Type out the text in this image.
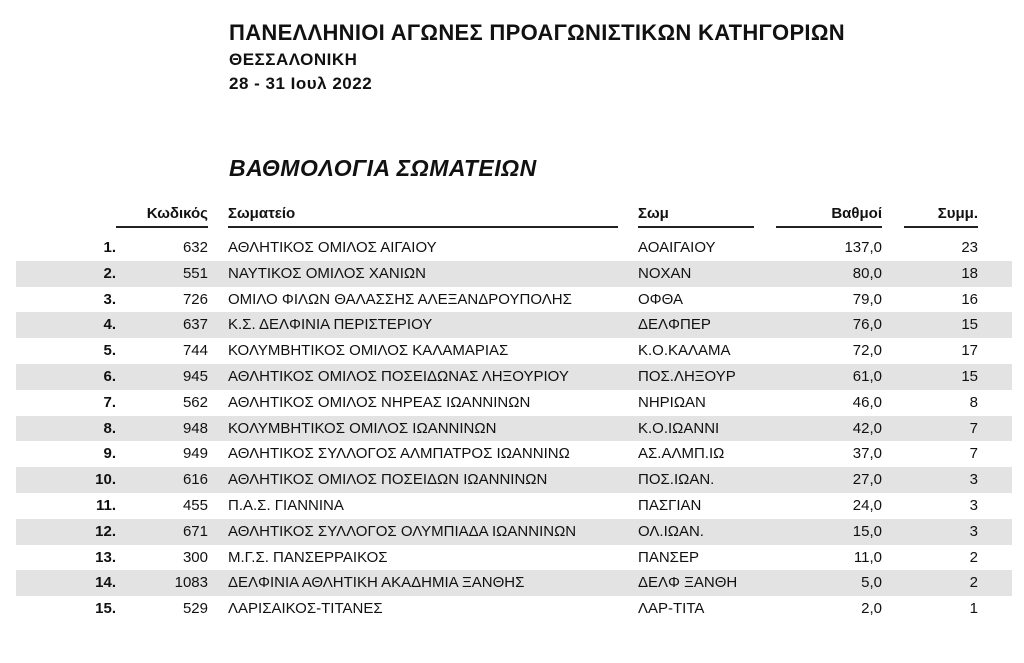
ΠΑΝΕΛΛΗΝΙΟΙ ΑΓΩΝΕΣ ΠΡΟΑΓΩΝΙΣΤΙΚΩΝ ΚΑΤΗΓΟΡΙΩΝ
ΘΕΣΣΑΛΟΝΙΚΗ
28 - 31 Ιουλ 2022
ΒΑΘΜΟΛΟΓΙΑ ΣΩΜΑΤΕΙΩΝ
Κωδικός Σωματείο	Σωμ	Βαθμοί	Συμμ.
1.	632 ΑΘΛΗΤΙΚΟΣ ΟΜΙΛΟΣ ΑΙΓΑΙΟΥ	ΑΟΑΙΓΑΙΟΥ	137,0	23
2.	551 ΝΑΥΤΙΚΟΣ ΟΜΙΛΟΣ ΧΑΝΙΩΝ	ΝΟΧΑΝ	80,0	18
3.	726 ΟΜΙΛΟ ΦΙΛΩΝ ΘΑΛΑΣΣΗΣ ΑΛΕΞΑΝΔΡΟΥΠΟΛΗΣ	ΟΦΘΑ	79,0	16
4.	637 Κ.Σ. ΔΕΛΦΙΝΙΑ ΠΕΡΙΣΤΕΡΙΟΥ	ΔΕΛΦΠΕΡ	76,0	15
5.	744 ΚΟΛΥΜΒΗΤΙΚΟΣ ΟΜΙΛΟΣ ΚΑΛΑΜΑΡΙΑΣ	Κ.Ο.ΚΑΛΑΜΑ	72,0	17
6.	945 ΑΘΛΗΤΙΚΟΣ ΟΜΙΛΟΣ ΠΟΣΕΙΔΩΝΑΣ ΛΗΞΟΥΡΙΟΥ	ΠΟΣ.ΛΗΞΟΥΡ	61,0	15
7.	562 ΑΘΛΗΤΙΚΟΣ ΟΜΙΛΟΣ ΝΗΡΕΑΣ ΙΩΑΝΝΙΝΩΝ	ΝΗΡΙΩΑΝ	46,0	8
8.	948 ΚΟΛΥΜΒΗΤΙΚΟΣ ΟΜΙΛΟΣ ΙΩΑΝΝΙΝΩΝ	Κ.Ο.ΙΩΑΝΝΙ	42,0	7
9.	949 ΑΘΛΗΤΙΚΟΣ ΣΥΛΛΟΓΟΣ ΑΛΜΠΑΤΡΟΣ ΙΩΑΝΝΙΝΩ	ΑΣ.ΑΛΜΠ.ΙΩ	37,0	7
10.	616 ΑΘΛΗΤΙΚΟΣ ΟΜΙΛΟΣ ΠΟΣΕΙΔΩΝ ΙΩΑΝΝΙΝΩΝ	ΠΟΣ.ΙΩΑΝ.	27,0	3
11.	455 Π.Α.Σ. ΓΙΑΝΝΙΝΑ	ΠΑΣΓΙΑΝ	24,0	3
12.	671 ΑΘΛΗΤΙΚΟΣ ΣΥΛΛΟΓΟΣ ΟΛΥΜΠΙΑΔΑ ΙΩΑΝΝΙΝΩΝ	ΟΛ.ΙΩΑΝ.	15,0	3
13.	300 Μ.Γ.Σ. ΠΑΝΣΕΡΡΑΙΚΟΣ	ΠΑΝΣΕΡ	11,0	2
14.	1083 ΔΕΛΦΙΝΙΑ ΑΘΛΗΤΙΚΗ ΑΚΑΔΗΜΙΑ ΞΑΝΘΗΣ	ΔΕΛΦ ΞΑΝΘΗ	5,0	2
15.	529 ΛΑΡΙΣΑΙΚΟΣ-ΤΙΤΑΝΕΣ	ΛΑΡ-ΤΙΤΑ	2,0	1
